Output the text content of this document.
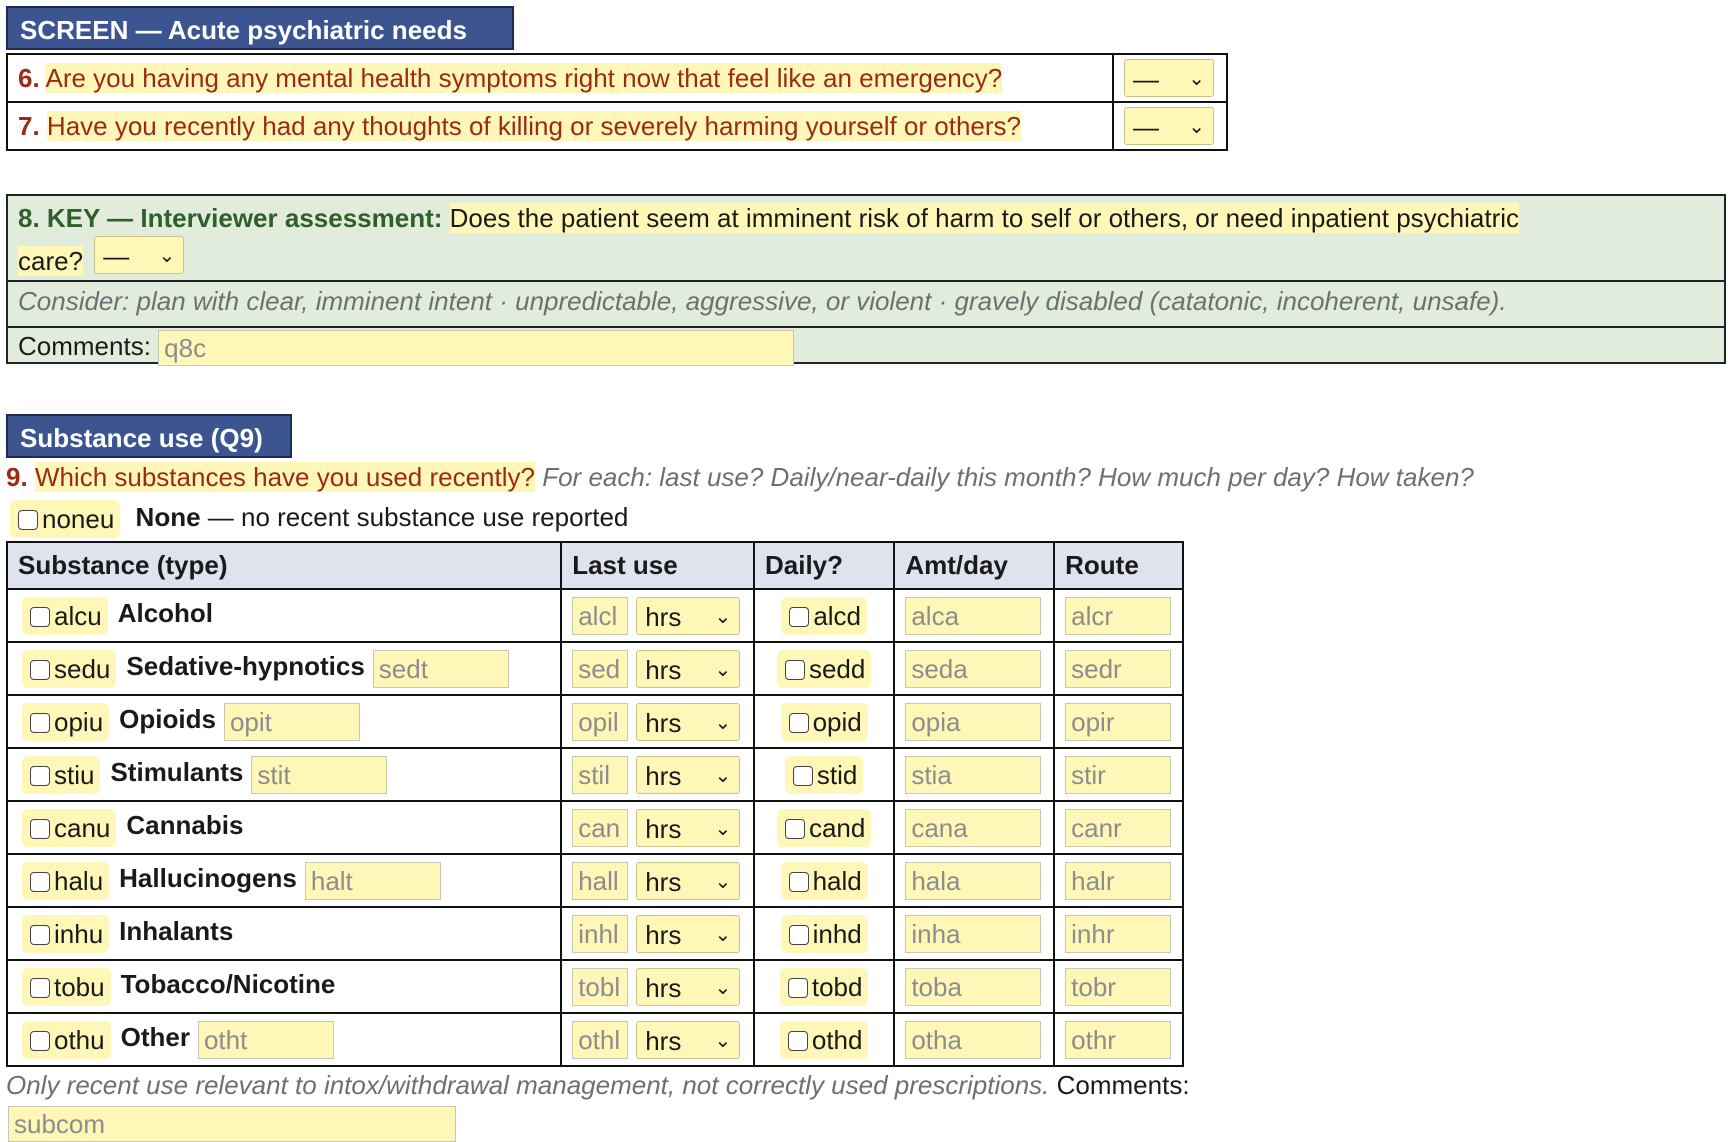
SCREEN — Acute psychiatric needs
6. Are you having any mental health symptoms right now that feel like an emergency?	— ⌄

7. Have you recently had any thoughts of killing or severely harming yourself or others?	— ⌄
8. KEY — Interviewer assessment: Does the patient seem at imminent risk of harm to self or others, or need inpatient psychiatric
care? — ⌄
Consider: plan with clear, imminent intent · unpredictable, aggressive, or violent · gravely disabled (catatonic, incoherent, unsafe).
Comments: q8c
Substance use (Q9)
9. Which substances have you used recently? For each: last use? Daily/near-daily this month? How much per day? How taken?
noneu None — no recent substance use reported
Substance (type)	Last use	Daily?	Amt/day	Route
alcu Alcohol	alcl hrs ⌄	alcd	alca	alcr
sedu Sedative-hypnotics sedt	sed hrs ⌄	sedd	seda	sedr
opiu Opioids opit	opil hrs ⌄	opid	opia	opir
stiu Stimulants stit	stil hrs ⌄	stid	stia	stir
canu Cannabis	can hrs ⌄	cand	cana	canr
halu Hallucinogens halt	hall hrs ⌄	hald	hala	halr
inhu Inhalants	inhl hrs ⌄	inhd	inha	inhr
tobu Tobacco/Nicotine	tobl hrs ⌄	tobd	toba	tobr
othu Other otht	othl hrs ⌄	othd	otha	othr
Only recent use relevant to intox/withdrawal management, not correctly used prescriptions. Comments:
subcom
